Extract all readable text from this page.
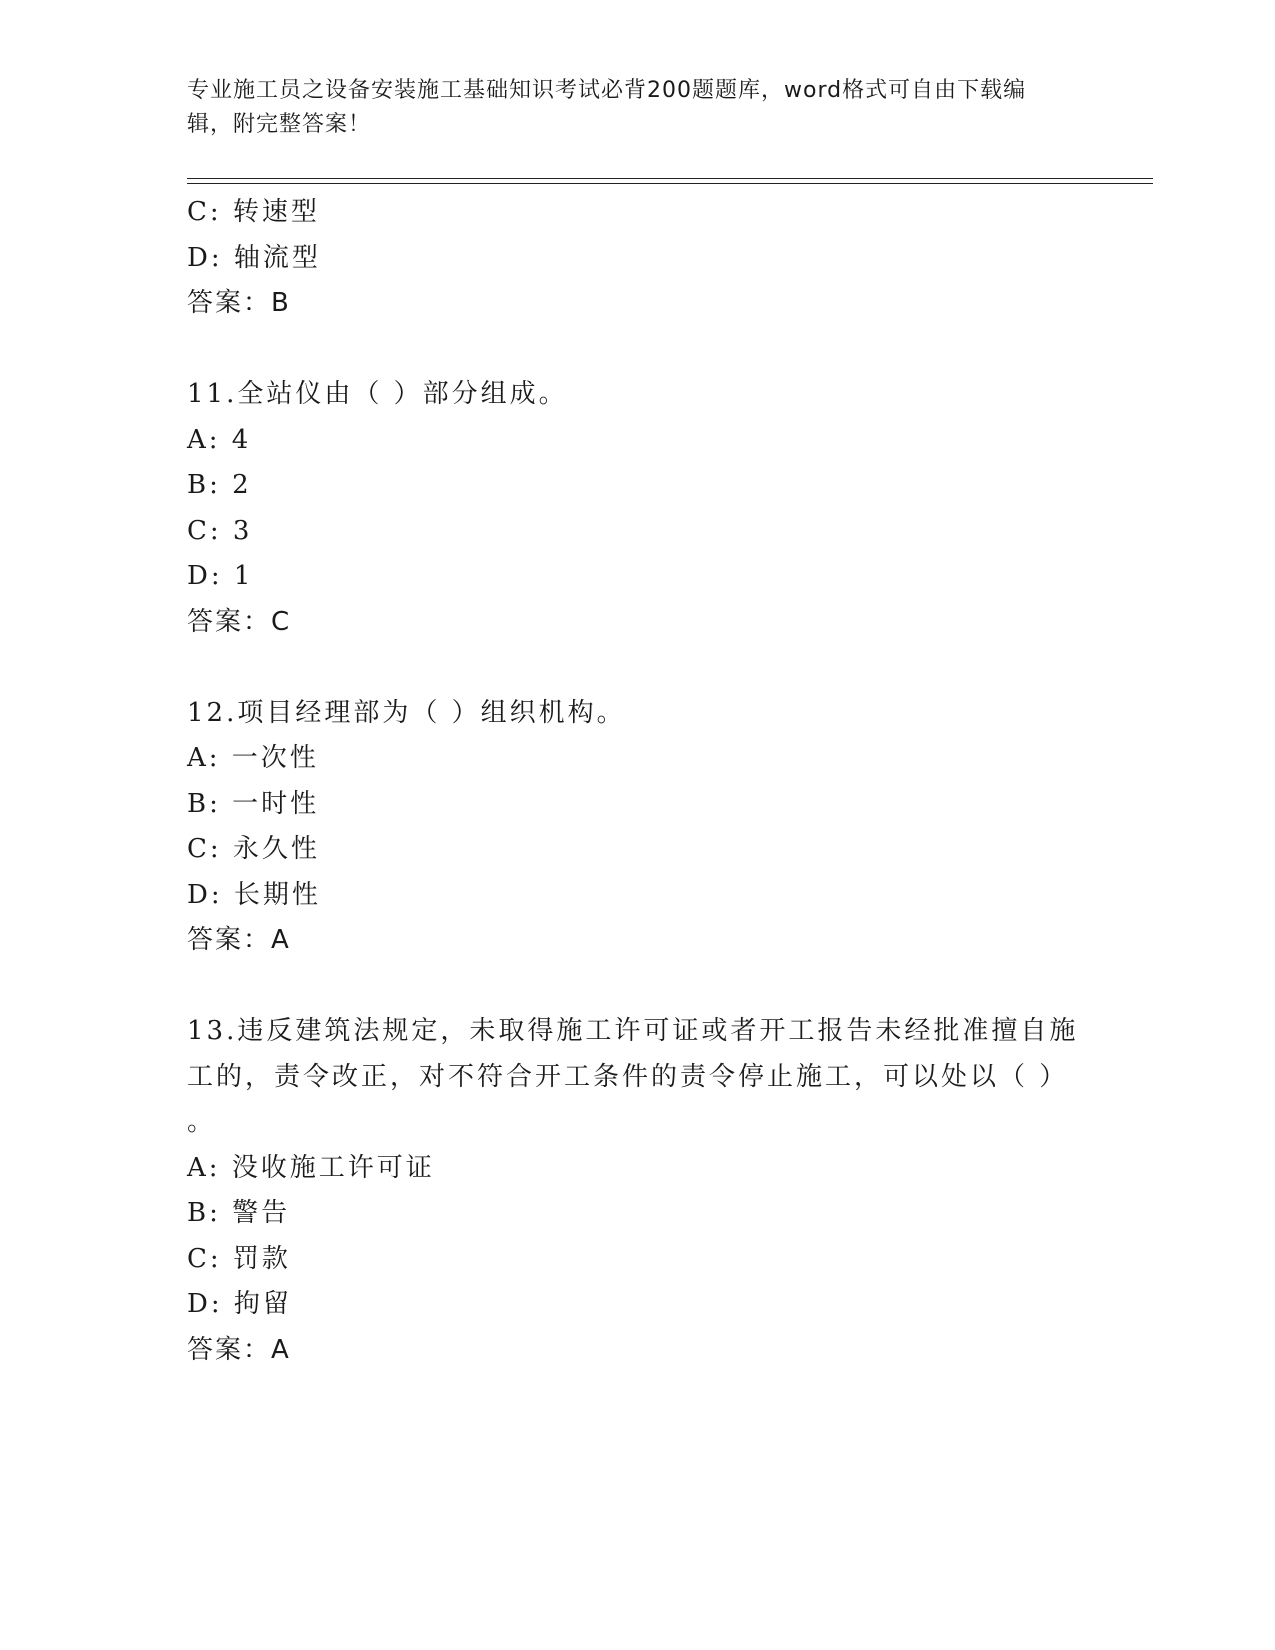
专业施工员之设备安装施工基础知识考试必背200题题库，word格式可自由下载编辑，附完整答案！
C: 转速型
D: 轴流型
答案：B
11.全站仪由（ ）部分组成。
A: 4
B: 2
C: 3
D: 1
答案：C
12.项目经理部为（ ）组织机构。
A: 一次性
B: 一时性
C: 永久性
D: 长期性
答案：A
13.违反建筑法规定，未取得施工许可证或者开工报告未经批准擅自施
工的，责令改正，对不符合开工条件的责令停止施工，可以处以（ ）
。
A: 没收施工许可证
B: 警告
C: 罚款
D: 拘留
答案：A
